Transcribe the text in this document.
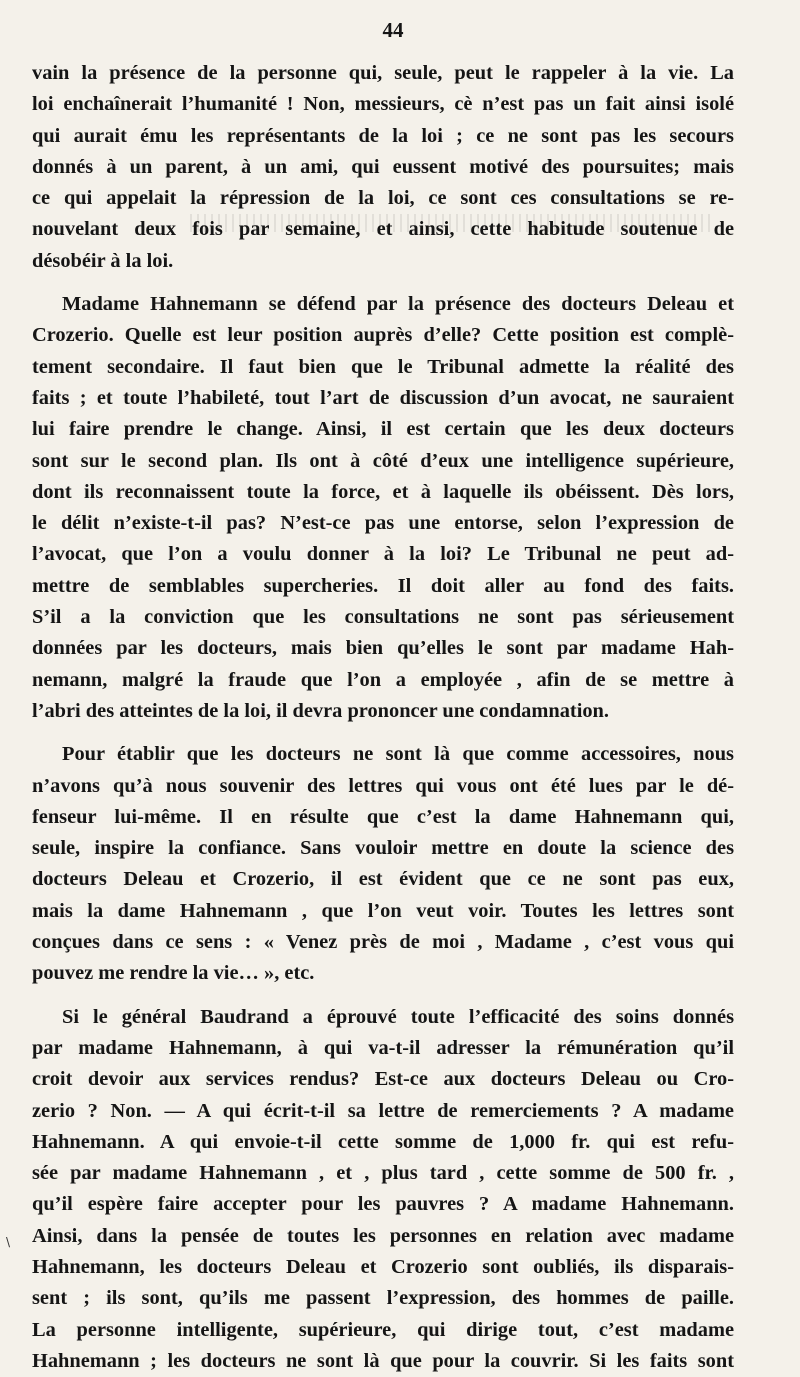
44
vain la présence de la personne qui, seule, peut le rappeler à la vie. La
loi enchaînerait l’humanité ! Non, messieurs, cè n’est pas un fait ainsi isolé
qui aurait ému les représentants de la loi ; ce ne sont pas les secours
donnés à un parent, à un ami, qui eussent motivé des poursuites; mais
ce qui appelait la répression de la loi, ce sont ces consultations se re-
nouvelant deux fois par semaine, et ainsi, cette habitude soutenue de
désobéir à la loi.
Madame Hahnemann se défend par la présence des docteurs Deleau et
Crozerio. Quelle est leur position auprès d’elle? Cette position est complè-
tement secondaire. Il faut bien que le Tribunal admette la réalité des
faits ; et toute l’habileté, tout l’art de discussion d’un avocat, ne sauraient
lui faire prendre le change. Ainsi, il est certain que les deux docteurs
sont sur le second plan. Ils ont à côté d’eux une intelligence supérieure,
dont ils reconnaissent toute la force, et à laquelle ils obéissent. Dès lors,
le délit n’existe-t-il pas? N’est-ce pas une entorse, selon l’expression de
l’avocat, que l’on a voulu donner à la loi? Le Tribunal ne peut ad-
mettre de semblables supercheries. Il doit aller au fond des faits.
S’il a la conviction que les consultations ne sont pas sérieusement
données par les docteurs, mais bien qu’elles le sont par madame Hah-
nemann, malgré la fraude que l’on a employée , afin de se mettre à
l’abri des atteintes de la loi, il devra prononcer une condamnation.
Pour établir que les docteurs ne sont là que comme accessoires, nous
n’avons qu’à nous souvenir des lettres qui vous ont été lues par le dé-
fenseur lui-même. Il en résulte que c’est la dame Hahnemann qui,
seule, inspire la confiance. Sans vouloir mettre en doute la science des
docteurs Deleau et Crozerio, il est évident que ce ne sont pas eux,
mais la dame Hahnemann , que l’on veut voir. Toutes les lettres sont
conçues dans ce sens : « Venez près de moi , Madame , c’est vous qui
pouvez me rendre la vie… », etc.
Si le général Baudrand a éprouvé toute l’efficacité des soins donnés
par madame Hahnemann, à qui va-t-il adresser la rémunération qu’il
croit devoir aux services rendus? Est-ce aux docteurs Deleau ou Cro-
zerio ? Non. — A qui écrit-t-il sa lettre de remerciements ? A madame
Hahnemann. A qui envoie-t-il cette somme de 1,000 fr. qui est refu-
sée par madame Hahnemann , et , plus tard , cette somme de 500 fr. ,
qu’il espère faire accepter pour les pauvres ? A madame Hahnemann.
Ainsi, dans la pensée de toutes les personnes en relation avec madame
Hahnemann, les docteurs Deleau et Crozerio sont oubliés, ils disparais-
sent ; ils sont, qu’ils me passent l’expression, des hommes de paille.
La personne intelligente, supérieure, qui dirige tout, c’est madame
Hahnemann ; les docteurs ne sont là que pour la couvrir. Si les faits sont
\
